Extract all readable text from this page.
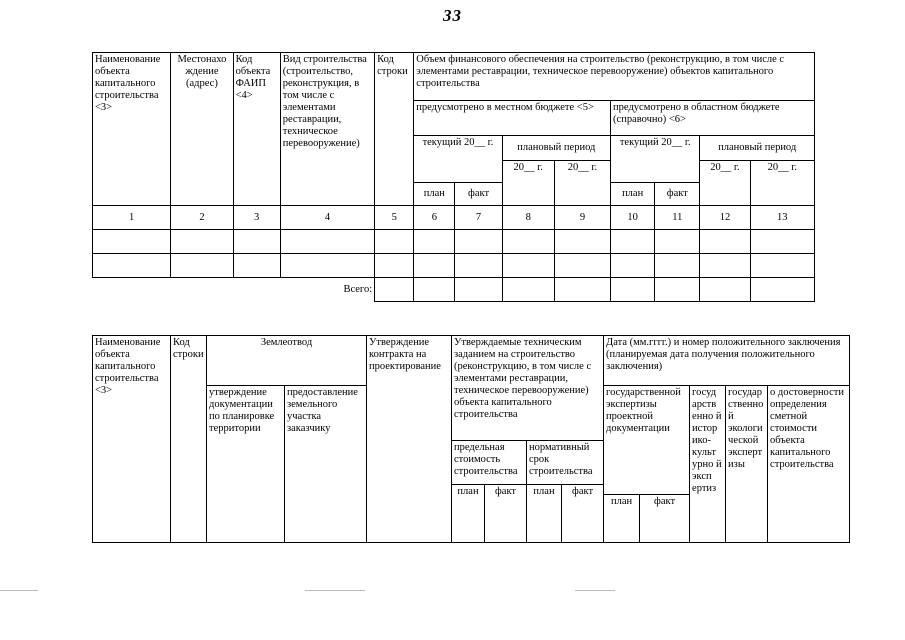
33
Наименование объекта капитального строительства <3>	Местонахо ждение (адрес)	Код объекта ФАИП <4>	Вид строительства (строительство, реконструкция, в том числе с элементами реставрации, техническое перевооружение)	Код строки	Объем финансового обеспечения на строительство (реконструкцию, в том числе с элементами реставрации, техническое перевооружение) объектов капитального строительства							
					предусмотрено в местном бюджете <5>				предусмотрено в областном бюджете (справочно) <6>			
					текущий 20__ г.		плановый период		текущий 20__ г.		плановый период	
							20__ г.	20__ г.			20__ г.	20__ г.
					план	факт			план	факт		
1	2	3	4	5	6	7	8	9	10	11	12	13

Всего:												
Наименование объекта капитального строительства <3>	Код строки	Землеотвод		Утверждение контракта на проектирование	Утверждаемые техническим заданием на строительство (реконструкцию, в том числе с элементами реставрации, техническое перевооружение) объекта капитального строительства				Дата (мм.гггг.) и номер положительного заключения (планируемая дата получения положительного заключения)				
		утверждение документации по планировке территории	предоставление земельного участка заказчику						государственной экспертизы проектной документации		госуд арств енно й истор ико-культ урно й эксп ертиз	государ ственно й экологи ческой эксперт изы	о достоверности определения сметной стоимости объекта капитального строительства
					предельная стоимость строительства		нормативный срок строительства						
					план	факт	план	факт					
									план	факт			
